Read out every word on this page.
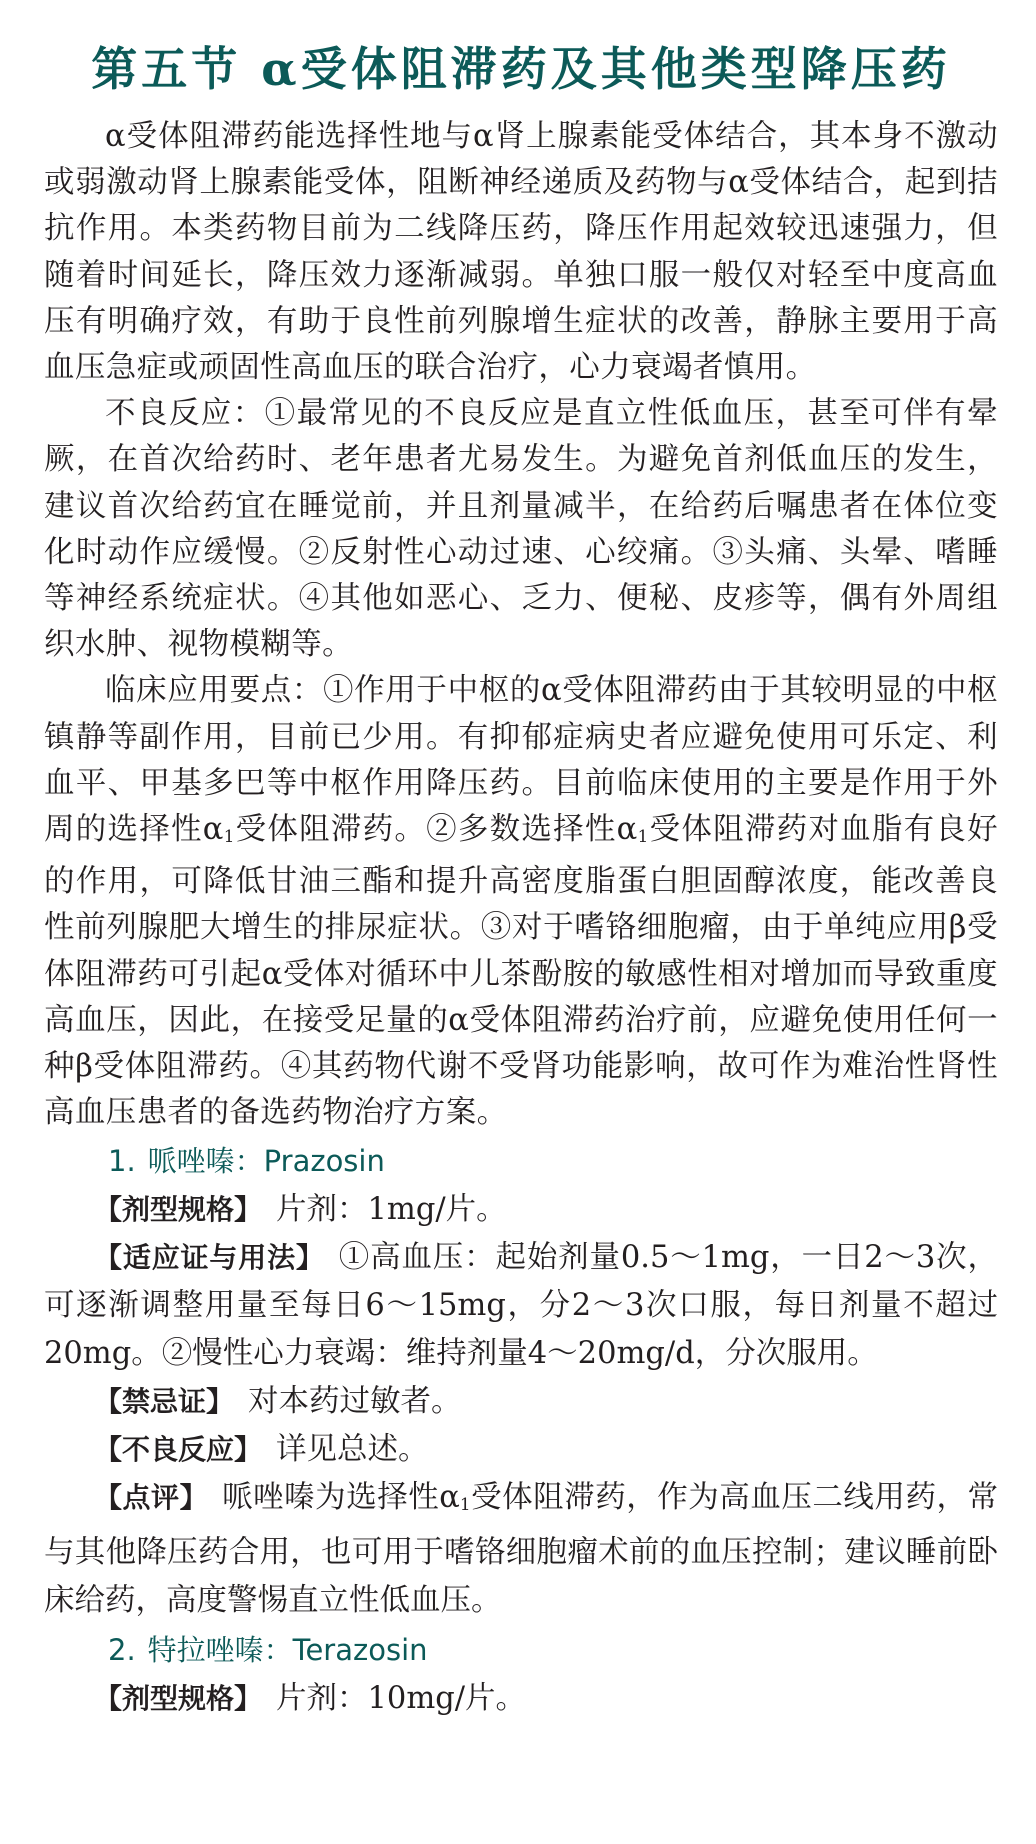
第五节 α受体阻滞药及其他类型降压药

α受体阻滞药能选择性地与α肾上腺素能受体结合，其本身不激动或弱激动肾上腺素能受体，阻断神经递质及药物与α受体结合，起到拮抗作用。本类药物目前为二线降压药，降压作用起效较迅速强力，但随着时间延长，降压效力逐渐减弱。单独口服一般仅对轻至中度高血压有明确疗效，有助于良性前列腺增生症状的改善，静脉主要用于高血压急症或顽固性高血压的联合治疗，心力衰竭者慎用。

不良反应：①最常见的不良反应是直立性低血压，甚至可伴有晕厥，在首次给药时、老年患者尤易发生。为避免首剂低血压的发生，建议首次给药宜在睡觉前，并且剂量减半，在给药后嘱患者在体位变化时动作应缓慢。②反射性心动过速、心绞痛。③头痛、头晕、嗜睡等神经系统症状。④其他如恶心、乏力、便秘、皮疹等，偶有外周组织水肿、视物模糊等。

临床应用要点：①作用于中枢的α受体阻滞药由于其较明显的中枢镇静等副作用，目前已少用。有抑郁症病史者应避免使用可乐定、利血平、甲基多巴等中枢作用降压药。目前临床使用的主要是作用于外周的选择性α1受体阻滞药。②多数选择性α1受体阻滞药对血脂有良好的作用，可降低甘油三酯和提升高密度脂蛋白胆固醇浓度，能改善良性前列腺肥大增生的排尿症状。③对于嗜铬细胞瘤，由于单纯应用β受体阻滞药可引起α受体对循环中儿茶酚胺的敏感性相对增加而导致重度高血压，因此，在接受足量的α受体阻滞药治疗前，应避免使用任何一种β受体阻滞药。④其药物代谢不受肾功能影响，故可作为难治性肾性高血压患者的备选药物治疗方案。

1. 哌唑嗪：Prazosin

【剂型规格】 片剂：1mg/片。

【适应证与用法】 ①高血压：起始剂量0.5～1mg，一日2～3次，可逐渐调整用量至每日6～15mg，分2～3次口服，每日剂量不超过20mg。②慢性心力衰竭：维持剂量4～20mg/d，分次服用。

【禁忌证】 对本药过敏者。

【不良反应】 详见总述。

【点评】 哌唑嗪为选择性α1受体阻滞药，作为高血压二线用药，常与其他降压药合用，也可用于嗜铬细胞瘤术前的血压控制；建议睡前卧床给药，高度警惕直立性低血压。

2. 特拉唑嗪：Terazosin

【剂型规格】 片剂：10mg/片。
